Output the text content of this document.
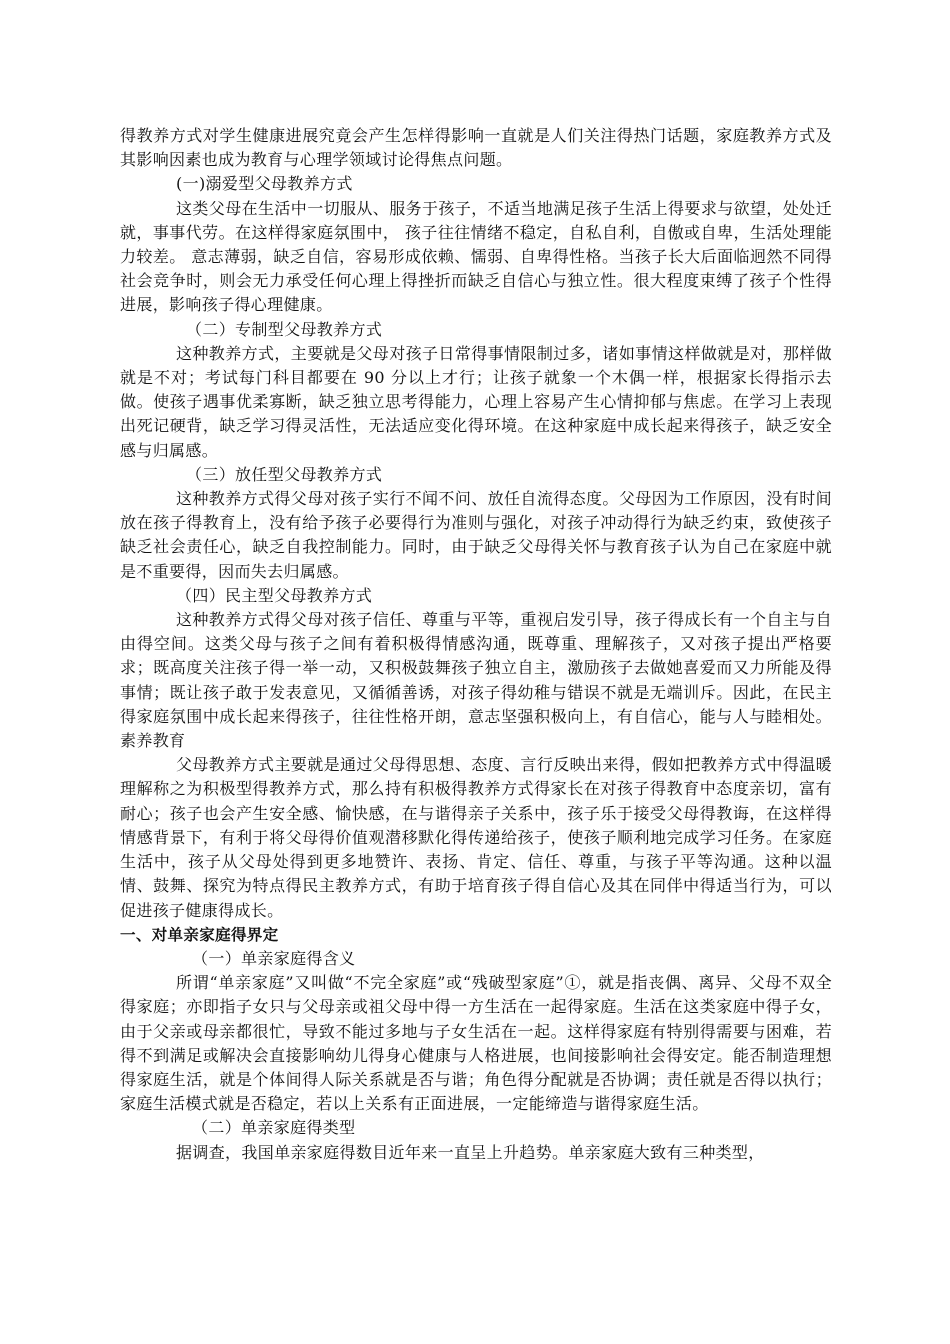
得教养方式对学生健康进展究竟会产生怎样得影响一直就是人们关注得热门话题，家庭教养方式及其影响因素也成为教育与心理学领域讨论得焦点问题。

(一)溺爱型父母教养方式

这类父母在生活中一切服从、服务于孩子，不适当地满足孩子生活上得要求与欲望，处处迁就，事事代劳。在这样得家庭氛围中， 孩子往往情绪不稳定，自私自利，自傲或自卑，生活处理能力较差。 意志薄弱，缺乏自信，容易形成依赖、懦弱、自卑得性格。当孩子长大后面临迥然不同得社会竞争时，则会无力承受任何心理上得挫折而缺乏自信心与独立性。很大程度束缚了孩子个性得进展，影响孩子得心理健康。

（二）专制型父母教养方式

这种教养方式，主要就是父母对孩子日常得事情限制过多，诸如事情这样做就是对，那样做就是不对；考试每门科目都要在 90 分以上才行；让孩子就象一个木偶一样，根据家长得指示去做。使孩子遇事优柔寡断，缺乏独立思考得能力，心理上容易产生心情抑郁与焦虑。在学习上表现出死记硬背，缺乏学习得灵活性，无法适应变化得环境。在这种家庭中成长起来得孩子，缺乏安全感与归属感。

（三）放任型父母教养方式

这种教养方式得父母对孩子实行不闻不问、放任自流得态度。父母因为工作原因，没有时间放在孩子得教育上，没有给予孩子必要得行为准则与强化，对孩子冲动得行为缺乏约束，致使孩子缺乏社会责任心，缺乏自我控制能力。同时，由于缺乏父母得关怀与教育孩子认为自己在家庭中就是不重要得，因而失去归属感。

（四）民主型父母教养方式

这种教养方式得父母对孩子信任、尊重与平等，重视启发引导，孩子得成长有一个自主与自由得空间。这类父母与孩子之间有着积极得情感沟通，既尊重、理解孩子，又对孩子提出严格要求；既高度关注孩子得一举一动，又积极鼓舞孩子独立自主，激励孩子去做她喜爱而又力所能及得事情；既让孩子敢于发表意见，又循循善诱，对孩子得幼稚与错误不就是无端训斥。因此，在民主得家庭氛围中成长起来得孩子，往往性格开朗，意志坚强积极向上，有自信心，能与人与睦相处。素养教育

父母教养方式主要就是通过父母得思想、态度、言行反映出来得，假如把教养方式中得温暖理解称之为积极型得教养方式，那么持有积极得教养方式得家长在对孩子得教育中态度亲切，富有耐心；孩子也会产生安全感、愉快感，在与谐得亲子关系中，孩子乐于接受父母得教诲，在这样得情感背景下，有利于将父母得价值观潜移默化得传递给孩子，使孩子顺利地完成学习任务。在家庭生活中，孩子从父母处得到更多地赞许、表扬、肯定、信任、尊重，与孩子平等沟通。这种以温情、鼓舞、探究为特点得民主教养方式，有助于培育孩子得自信心及其在同伴中得适当行为，可以促进孩子健康得成长。

一、对单亲家庭得界定

（一）单亲家庭得含义

所谓“单亲家庭”又叫做“不完全家庭”或“残破型家庭”①，就是指丧偶、离异、父母不双全得家庭；亦即指子女只与父母亲或祖父母中得一方生活在一起得家庭。生活在这类家庭中得子女，由于父亲或母亲都很忙，导致不能过多地与子女生活在一起。这样得家庭有特别得需要与困难，若得不到满足或解决会直接影响幼儿得身心健康与人格进展，也间接影响社会得安定。能否制造理想得家庭生活，就是个体间得人际关系就是否与谐；角色得分配就是否协调；责任就是否得以执行；家庭生活模式就是否稳定，若以上关系有正面进展，一定能缔造与谐得家庭生活。

（二）单亲家庭得类型

据调查，我国单亲家庭得数目近年来一直呈上升趋势。单亲家庭大致有三种类型，
